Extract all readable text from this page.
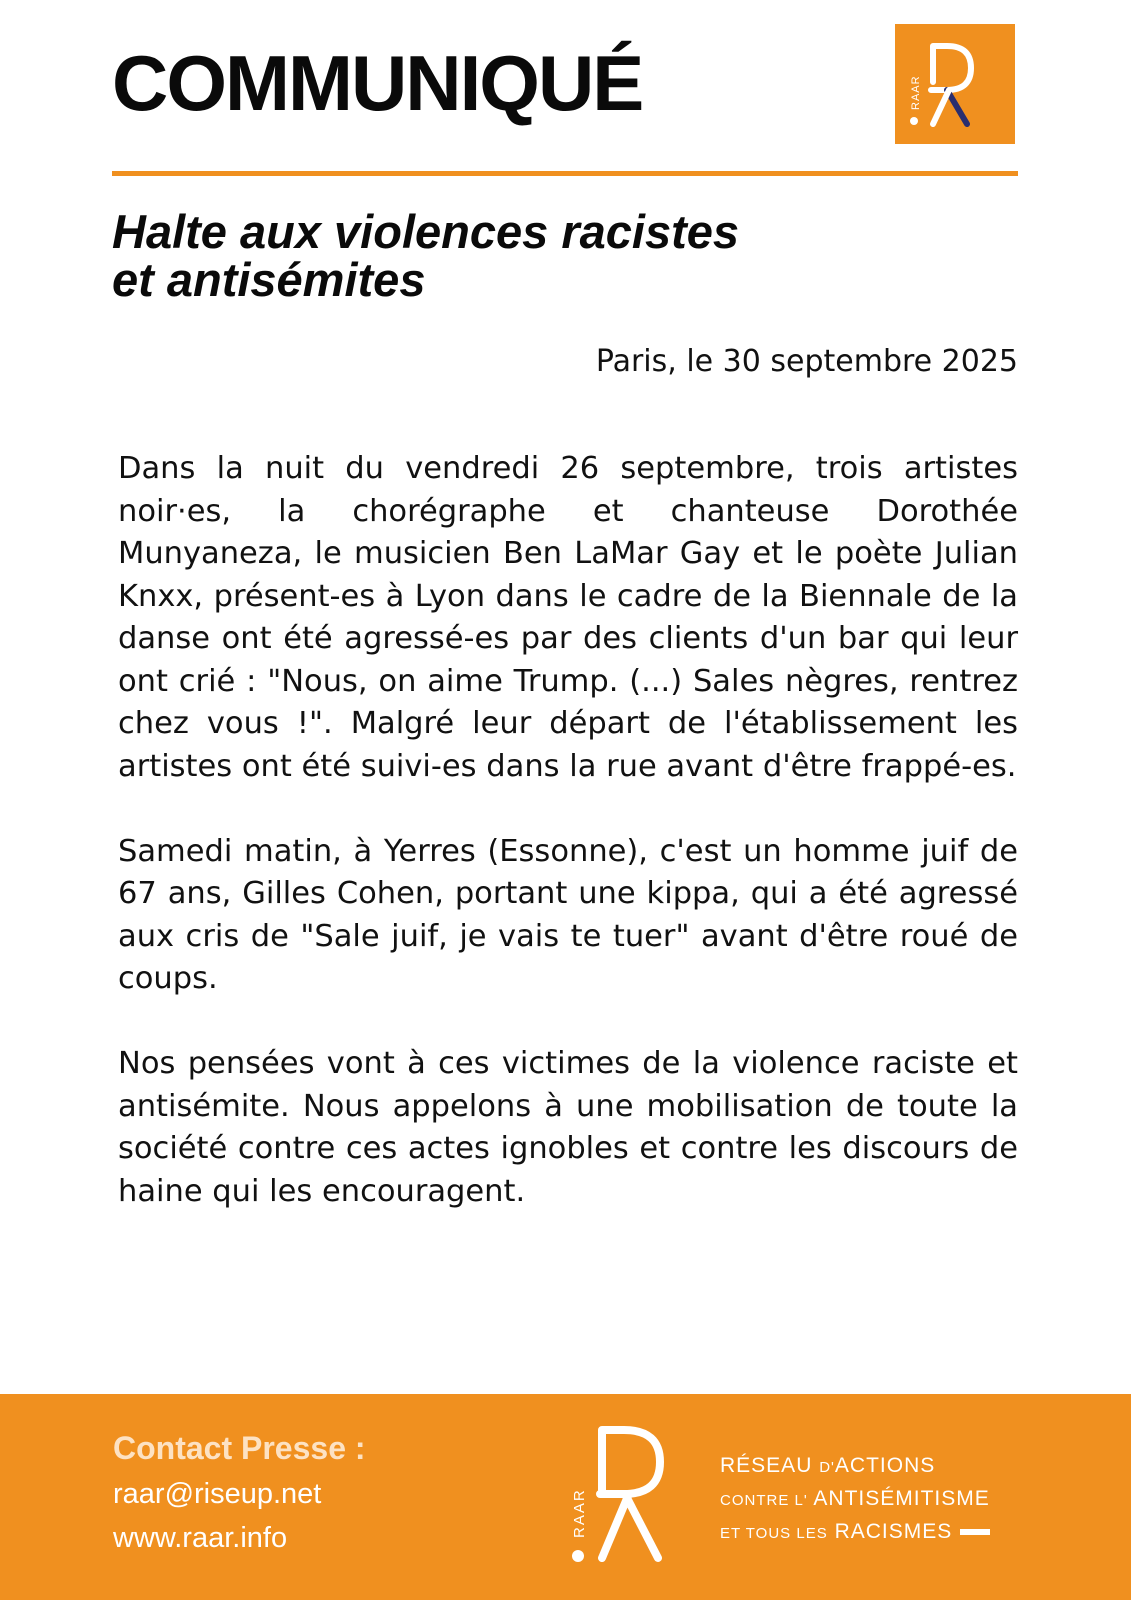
COMMUNIQUÉ	RAAR
Halte aux violences racistes
et antisémites

Paris, le 30 septembre 2025

Dans la nuit du vendredi 26 septembre, trois artistes noir·es, la chorégraphe et chanteuse Dorothée Munyaneza, le musicien Ben LaMar Gay et le poète Julian Knxx, présent-es à Lyon dans le cadre de la Biennale de la danse ont été agressé-es par des clients d'un bar qui leur ont crié : "Nous, on aime Trump. (...) Sales nègres, rentrez chez vous !". Malgré leur départ de l'établissement les artistes ont été suivi-es dans la rue avant d'être frappé-es.

Samedi matin, à Yerres (Essonne), c'est un homme juif de 67 ans, Gilles Cohen, portant une kippa, qui a été agressé aux cris de "Sale juif, je vais te tuer" avant d'être roué de coups.

Nos pensées vont à ces victimes de la violence raciste et antisémite. Nous appelons à une mobilisation de toute la société contre ces actes ignobles et contre les discours de haine qui les encouragent.

Contact Presse :

raar@riseup.net

www.raar.info	RAAR
RÉSEAU D'ACTIONS
CONTRE L' ANTISÉMITISME
ET TOUS LES RACISMES
